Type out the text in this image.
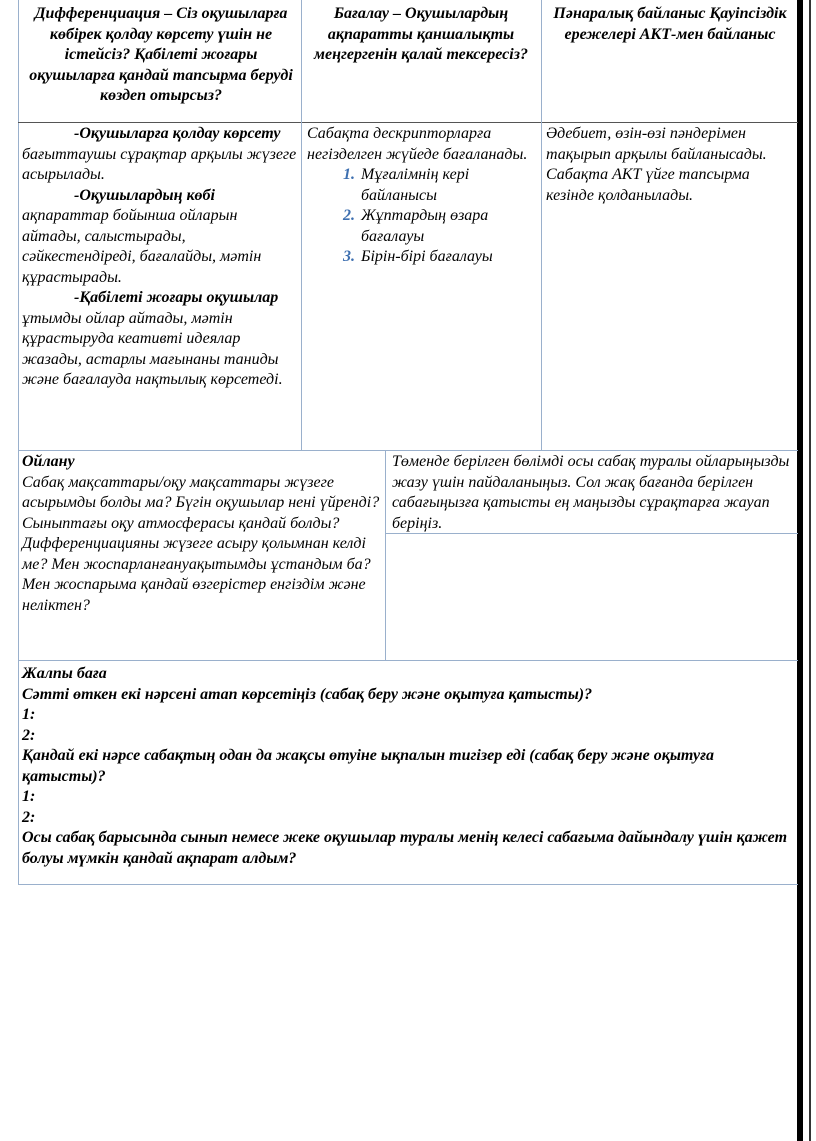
Дифференциация – Сіз оқушыларға көбірек қолдау көрсету үшін не істейсіз? Қабілеті жоғары оқушыларға қандай тапсырма беруді көздеп отырсыз?
Бағалау – Оқушылардың ақпаратты қаншалықты меңгергенін қалай тексересіз?
Пәнаралық байланыс Қауіпсіздік ережелері АКТ-мен байланыс
-Оқушыларға қолдау көрсету бағыттаушы сұрақтар арқылы жүзеге асырылады.
-Оқушылардың көбі ақпараттар бойынша ойларын айтады, салыстырады, сәйкестендіреді, бағалайды, мәтін құрастырады.
-Қабілеті жоғары оқушылар ұтымды ойлар айтады, мәтін құрастыруда кеативті идеялар жазады, астарлы мағынаны таниды және бағалауда нақтылық көрсетеді.
Сабақта дескрипторларға негізделген жүйеде бағаланады.
1. Мұғалімнің кері байланысы
2. Жұптардың өзара бағалауы
3. Бірін-бірі бағалауы
Әдебиет, өзін-өзі пәндерімен тақырып арқылы байланысады. Сабақта АКТ үйге тапсырма кезінде қолданылады.
Ойлану
Сабақ мақсаттары/оқу мақсаттары жүзеге асырымды болды ма? Бүгін оқушылар нені үйренді? Сыныптағы оқу атмосферасы қандай болды? Дифференциацияны жүзеге асыру қолымнан келді ме? Мен жоспарланғануақытымды ұстандым ба? Мен жоспарыма қандай өзгерістер енгіздім және неліктен?
Төменде берілген бөлімді осы сабақ туралы ойларыңызды жазу үшін пайдаланыңыз. Сол жақ бағанда берілген сабағыңызға қатысты ең маңызды сұрақтарға жауап беріңіз.
Жалпы баға
Сәтті өткен екі нәрсені атап көрсетіңіз (сабақ беру және оқытуға қатысты)?
1:
2:
Қандай екі нәрсе сабақтың одан да жақсы өтуіне ықпалын тигізер еді (сабақ беру және оқытуға қатысты)?
1:
2:
Осы сабақ барысында сынып немесе жеке оқушылар туралы менің келесі сабағыма дайындалу үшін қажет болуы мүмкін қандай ақпарат алдым?
